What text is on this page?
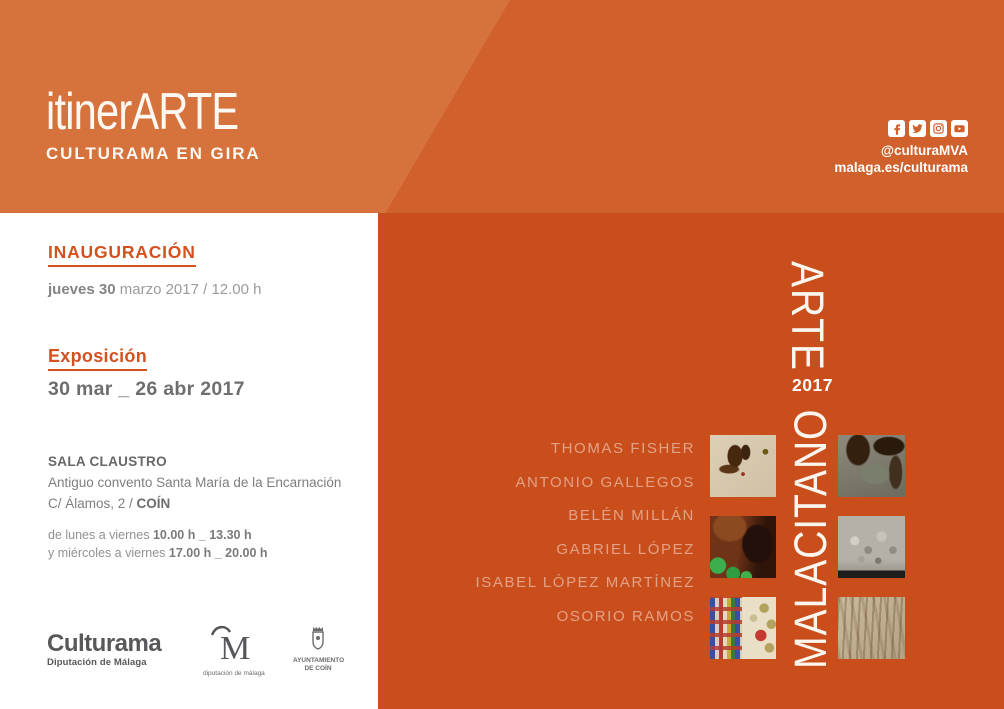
itinerARTE
CULTURAMA EN GIRA	@culturaMVA
malaga.es/culturama
INAUGURACIÓN
jueves 30 marzo 2017 / 12.00 h
Exposición
30 mar _ 26 abr 2017
SALA CLAUSTRO
Antiguo convento Santa María de la Encarnación
C/ Álamos, 2 / COÍN
de lunes a viernes 10.00 h _ 13.30 h
y miércoles a viernes 17.00 h _ 20.00 h
Culturama
Diputación de Málaga	M
diputación de málaga
AYUNTAMIENTO
DE COÍN
THOMAS FISHER
ANTONIO GALLEGOS
BELÉN MILLÁN
GABRIEL LÓPEZ
ISABEL LÓPEZ MARTÍNEZ
OSORIO RAMOS
ARTE
2017
MALACITANO
